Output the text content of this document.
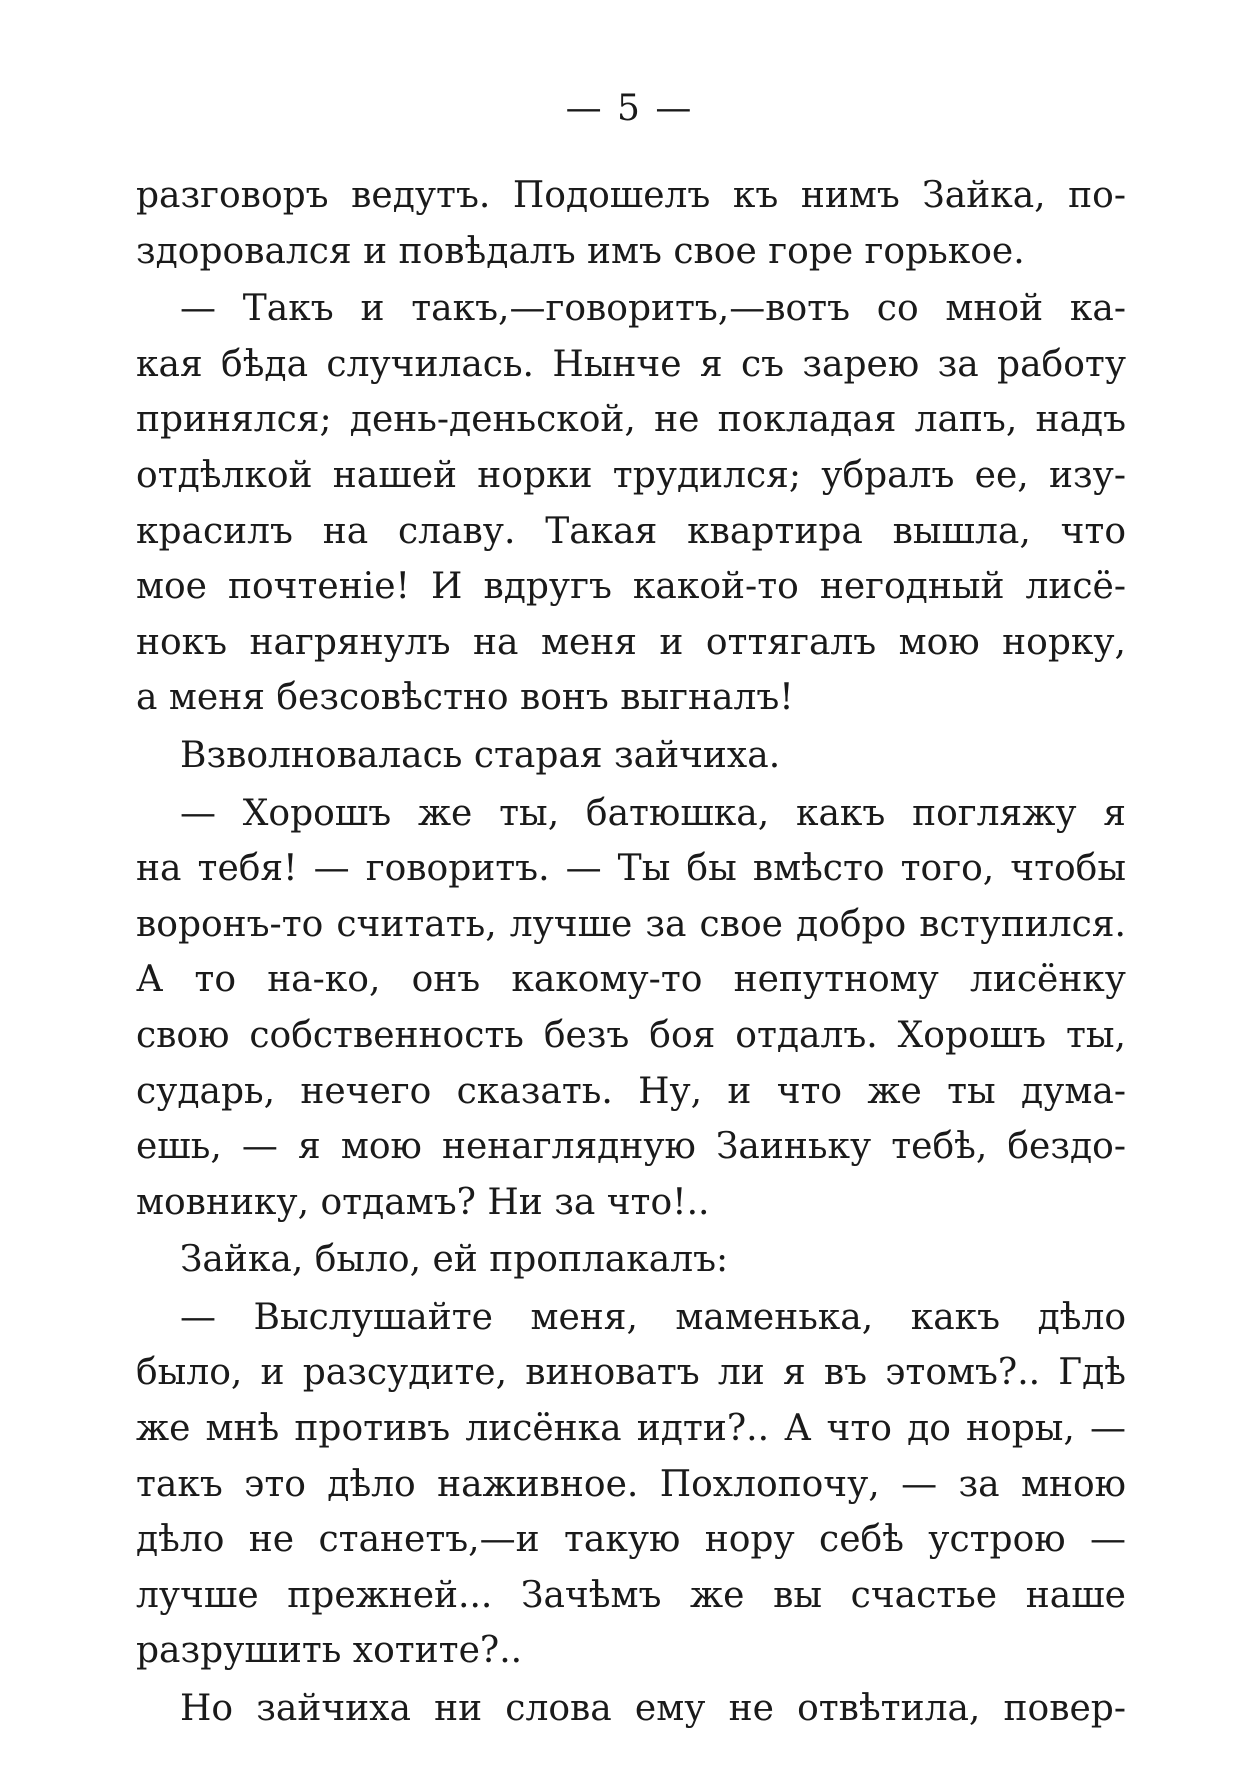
— 5 —
разговоръ ведутъ. Подошелъ къ нимъ Зайка, по-
здоровался и повѣдалъ имъ свое горе горькое.
— Такъ и такъ,—говоритъ,—вотъ со мной ка-
кая бѣда случилась. Нынче я съ зарею за работу
принялся; день-деньской, не покладая лапъ, надъ
отдѣлкой нашей норки трудился; убралъ ее, изу-
красилъ на славу. Такая квартира вышла, что
мое почтеніе! И вдругъ какой-то негодный лисё-
нокъ нагрянулъ на меня и оттягалъ мою норку,
а меня безсовѣстно вонъ выгналъ!
Взволновалась старая зайчиха.
— Хорошъ же ты, батюшка, какъ погляжу я
на тебя! — говоритъ. — Ты бы вмѣсто того, чтобы
воронъ-то считать, лучше за свое добро вступился.
А то на-ко, онъ какому-то непутному лисёнку
свою собственность безъ боя отдалъ. Хорошъ ты,
сударь, нечего сказать. Ну, и что же ты дума-
ешь, — я мою ненаглядную Заиньку тебѣ, бездо-
мовнику, отдамъ? Ни за что!..
Зайка, было, ей проплакалъ:
— Выслушайте меня, маменька, какъ дѣло
было, и разсудите, виноватъ ли я въ этомъ?.. Гдѣ
же мнѣ противъ лисёнка идти?.. А что до норы, —
такъ это дѣло наживное. Похлопочу, — за мною
дѣло не станетъ,—и такую нору себѣ устрою —
лучше прежней... Зачѣмъ же вы счастье наше
разрушить хотите?..
Но зайчиха ни слова ему не отвѣтила, повер-
